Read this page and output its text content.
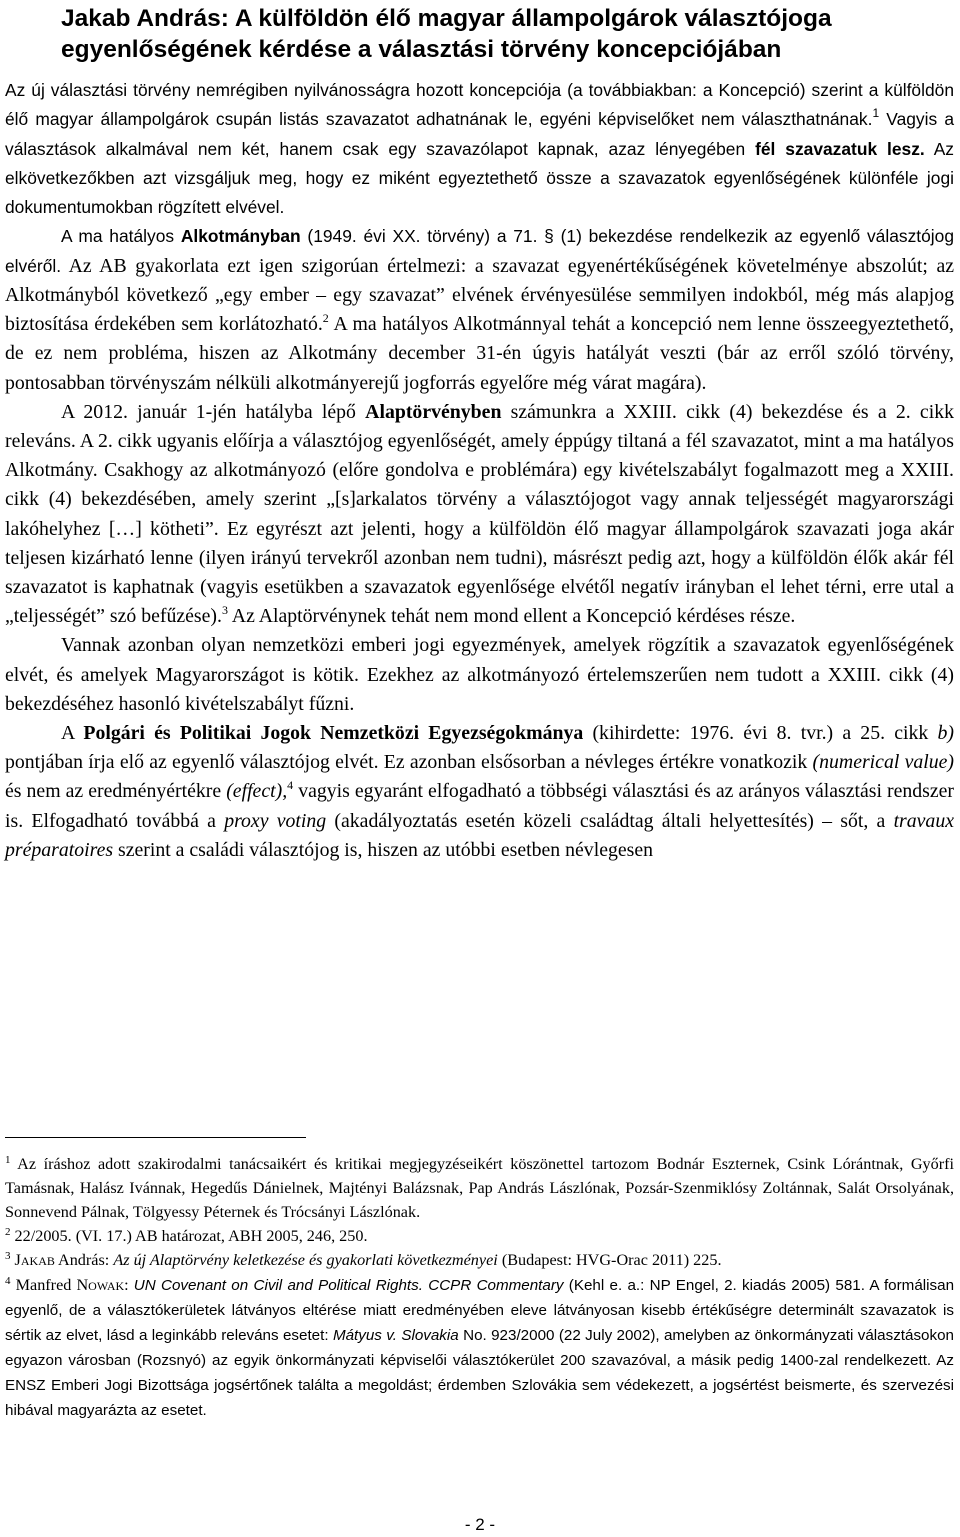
Jakab András: A külföldön élő magyar állampolgárok választójoga egyenlőségének kérdése a választási törvény koncepciójában

Az új választási törvény nemrégiben nyilvánosságra hozott koncepciója (a továbbiakban: a Koncepció) szerint a külföldön élő magyar állampolgárok csupán listás szavazatot adhatnának le, egyéni képviselőket nem választhatnának.$^1$ Vagyis a választások alkalmával nem két, hanem csak egy szavazólapot kapnak, azaz lényegében fél szavazatuk lesz. Az elkövetkezőkben azt vizsgáljuk meg, hogy ez miként egyeztethető össze a szavazatok egyenlőségének különféle jogi dokumentumokban rögzített elvével.

A ma hatályos Alkotmányban (1949. évi XX. törvény) a 71. § (1) bekezdése rendelkezik az egyenlő választójog elvéről. Az AB gyakorlata ezt igen szigorúan értelmezi: a szavazat egyenértékűségének követelménye abszolút; az Alkotmányból következő „egy ember – egy szavazat” elvének érvényesülése semmilyen indokból, még más alapjog biztosítása érdekében sem korlátozható.$^2$ A ma hatályos Alkotmánnyal tehát a koncepció nem lenne összeegyeztethető, de ez nem probléma, hiszen az Alkotmány december 31-én úgyis hatályát veszti (bár az erről szóló törvény, pontosabban törvényszám nélküli alkotmányerejű jogforrás egyelőre még várat magára).

A 2012. január 1-jén hatályba lépő Alaptörvényben számunkra a XXIII. cikk (4) bekezdése és a 2. cikk releváns. A 2. cikk ugyanis előírja a választójog egyenlőségét, amely éppúgy tiltaná a fél szavazatot, mint a ma hatályos Alkotmány. Csakhogy az alkotmányozó (előre gondolva e problémára) egy kivételszabályt fogalmazott meg a XXIII. cikk (4) bekezdésében, amely szerint „[s]arkalatos törvény a választójogot vagy annak teljességét magyarországi lakóhelyhez […] kötheti”. Ez egyrészt azt jelenti, hogy a külföldön élő magyar állampolgárok szavazati joga akár teljesen kizárható lenne (ilyen irányú tervekről azonban nem tudni), másrészt pedig azt, hogy a külföldön élők akár fél szavazatot is kaphatnak (vagyis esetükben a szavazatok egyenlősége elvétől negatív irányban el lehet térni, erre utal a „teljességét” szó befűzése).$^3$ Az Alaptörvénynek tehát nem mond ellent a Koncepció kérdéses része.

Vannak azonban olyan nemzetközi emberi jogi egyezmények, amelyek rögzítik a szavazatok egyenlőségének elvét, és amelyek Magyarországot is kötik. Ezekhez az alkotmányozó értelemszerűen nem tudott a XXIII. cikk (4) bekezdéséhez hasonló kivételszabályt fűzni.

A Polgári és Politikai Jogok Nemzetközi Egyezségokmánya (kihirdette: 1976. évi 8. tvr.) a 25. cikk b) pontjában írja elő az egyenlő választójog elvét. Ez azonban elsősorban a névleges értékre vonatkozik (numerical value) és nem az eredményértékre (effect),$^4$ vagyis egyaránt elfogadható a többségi választási és az arányos választási rendszer is. Elfogadható továbbá a proxy voting (akadályoztatás esetén közeli családtag általi helyettesítés) – sőt, a travaux préparatoires szerint a családi választójog is, hiszen az utóbbi esetben névlegesen

$^1$ Az íráshoz adott szakirodalmi tanácsaikért és kritikai megjegyzéseikért köszönettel tartozom Bodnár Eszternek, Csink Lórántnak, Győrfi Tamásnak, Halász Ivánnak, Hegedűs Dánielnek, Majtényi Balázsnak, Pap András Lászlónak, Pozsár-Szenmiklósy Zoltánnak, Salát Orsolyának, Sonnevend Pálnak, Tölgyessy Péternek és Trócsányi Lászlónak.

$^2$ 22/2005. (VI. 17.) AB határozat, ABH 2005, 246, 250.

$^3$ JAKAB András: Az új Alaptörvény keletkezése és gyakorlati következményei (Budapest: HVG-Orac 2011) 225.

$^4$ Manfred NOWAK: UN Covenant on Civil and Political Rights. CCPR Commentary (Kehl e. a.: NP Engel, 2. kiadás 2005) 581. A formálisan egyenlő, de a választókerületek látványos eltérése miatt eredményében eleve látványosan kisebb értékűségre determinált szavazatok is sértik az elvet, lásd a leginkább releváns esetet: Mátyus v. Slovakia No. 923/2000 (22 July 2002), amelyben az önkormányzati választásokon egyazon városban (Rozsnyó) az egyik önkormányzati képviselői választókerület 200 szavazóval, a másik pedig 1400-zal rendelkezett. Az ENSZ Emberi Jogi Bizottsága jogsértőnek találta a megoldást; érdemben Szlovákia sem védekezett, a jogsértést beismerte, és szervezési hibával magyarázta az esetet.

- 2 -
